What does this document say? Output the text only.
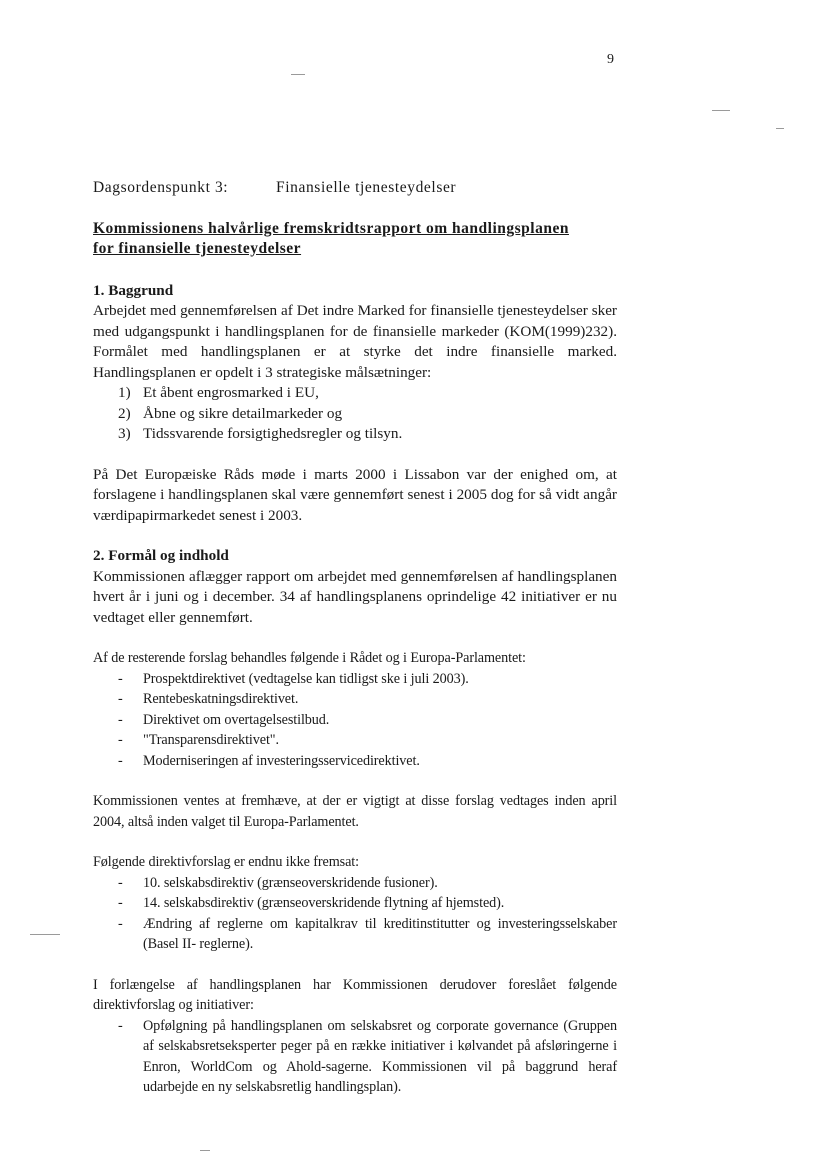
9
Dagsordenspunkt 3:	Finansielle tjenesteydelser
Kommissionens halvårlige fremskridtsrapport om handlingsplanen
for finansielle tjenesteydelser
1. Baggrund

Arbejdet med gennemførelsen af Det indre Marked for finansielle tjenesteydelser sker med udgangspunkt i handlingsplanen for de finansielle markeder (KOM(1999)232). Formålet med handlingsplanen er at styrke det indre finansielle marked. Handlingsplanen er opdelt i 3 strategiske målsætninger:

1) Et åbent engrosmarked i EU,
2) Åbne og sikre detailmarkeder og
3) Tidssvarende forsigtighedsregler og tilsyn.

På Det Europæiske Råds møde i marts 2000 i Lissabon var der enighed om, at forslagene i handlingsplanen skal være gennemført senest i 2005 dog for så vidt angår værdipapirmarkedet senest i 2003.

2. Formål og indhold

Kommissionen aflægger rapport om arbejdet med gennemførelsen af handlingsplanen hvert år i juni og i december. 34 af handlingsplanens oprindelige 42 initiativer er nu vedtaget eller gennemført.

Af de resterende forslag behandles følgende i Rådet og i Europa-Parlamentet:

-	Prospektdirektivet (vedtagelse kan tidligst ske i juli 2003).
-	Rentebeskatningsdirektivet.
-	Direktivet om overtagelsestilbud.
-	"Transparensdirektivet".
-	Moderniseringen af investeringsservicedirektivet.

Kommissionen ventes at fremhæve, at der er vigtigt at disse forslag vedtages inden april 2004, altså inden valget til Europa-Parlamentet.

Følgende direktivforslag er endnu ikke fremsat:

-	10. selskabsdirektiv (grænseoverskridende fusioner).
-	14. selskabsdirektiv (grænseoverskridende flytning af hjemsted).
-	Ændring af reglerne om kapitalkrav til kreditinstitutter og investeringsselskaber (Basel II- reglerne).

I forlængelse af handlingsplanen har Kommissionen derudover foreslået følgende direktivforslag og initiativer:

-	Opfølgning på handlingsplanen om selskabsret og corporate governance (Gruppen af selskabsretseksperter peger på en række initiativer i kølvandet på afsløringerne i Enron, WorldCom og Ahold-sagerne. Kommissionen vil på baggrund heraf udarbejde en ny selskabsretlig handlingsplan).
